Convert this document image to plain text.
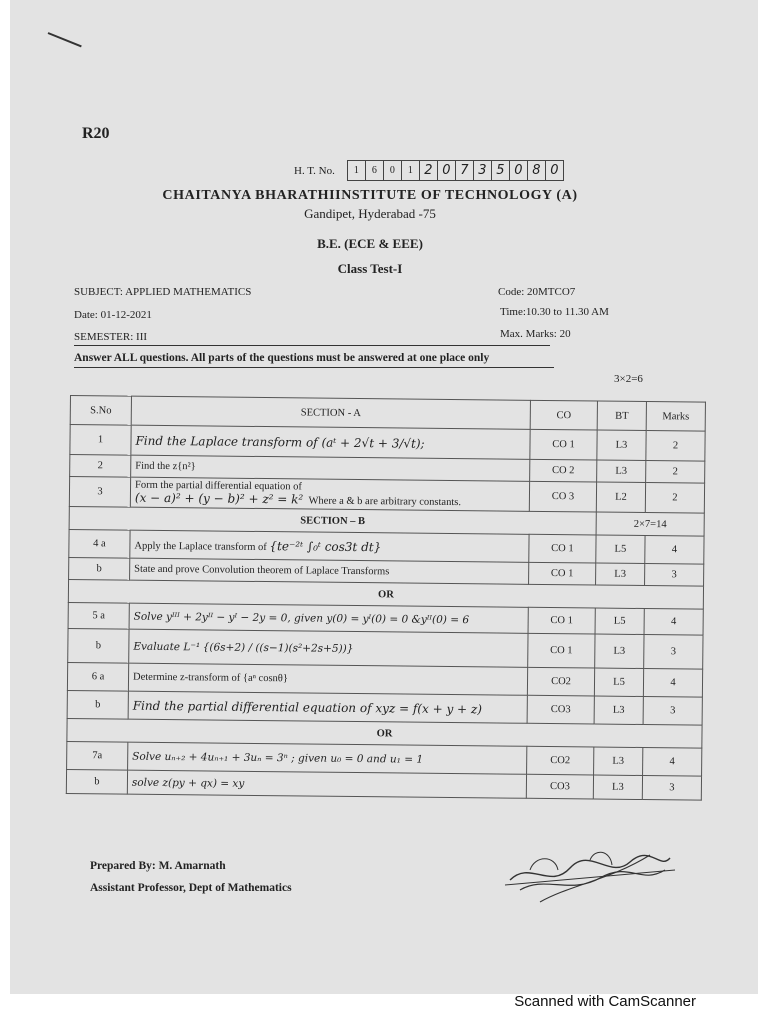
R20
H. T. No.	1	6	0	1 2 0 7 3 5 0 8 0
CHAITANYA BHARATHIINSTITUTE OF TECHNOLOGY (A)
Gandipet, Hyderabad -75
B.E. (ECE & EEE)
Class Test-I
SUBJECT: APPLIED MATHEMATICS	Code: 20MTCO7
Date: 01-12-2021	Time:10.30 to 11.30 AM
SEMESTER: III	Max. Marks: 20
Answer ALL questions. All parts of the questions must be answered at one place only
3×2=6
S.No	SECTION - A	CO	BT	Marks
1	Find the Laplace transform of (aᵗ + 2√t + 3/√t);	CO 1	L3	2
2	Find the z{n²}	CO 2	L3	2
3	Form the partial differential equation of
(x − a)² + (y − b)² + z² = k² Where a & b are arbitrary constants.	CO 3	L2	2
SECTION – B			2×7=14	
4 a	Apply the Laplace transform of {te⁻²ᵗ ∫₀ᵗ cos3t dt}	CO 1	L5	4
b	State and prove Convolution theorem of Laplace Transforms	CO 1	L3	3
OR				
5 a	Solve yᴵᴵᴵ + 2yᴵᴵ − yᴵ − 2y = 0, given y(0) = yᴵ(0) = 0 &yᴵᴵ(0) = 6	CO 1	L5	4
b	Evaluate L⁻¹ {(6s+2) / ((s−1)(s²+2s+5))}	CO 1	L3	3
6 a	Determine z-transform of {aⁿ cosnθ}	CO2	L5	4
b	Find the partial differential equation of xyz = f(x + y + z)	CO3	L3	3
OR				
7a	Solve uₙ₊₂ + 4uₙ₊₁ + 3uₙ = 3ⁿ ; given u₀ = 0 and u₁ = 1	CO2	L3	4
b	solve z(py + qx) = xy	CO3	L3	3
Prepared By: M. Amarnath
Assistant Professor, Dept of Mathematics
Scanned with CamScanner
